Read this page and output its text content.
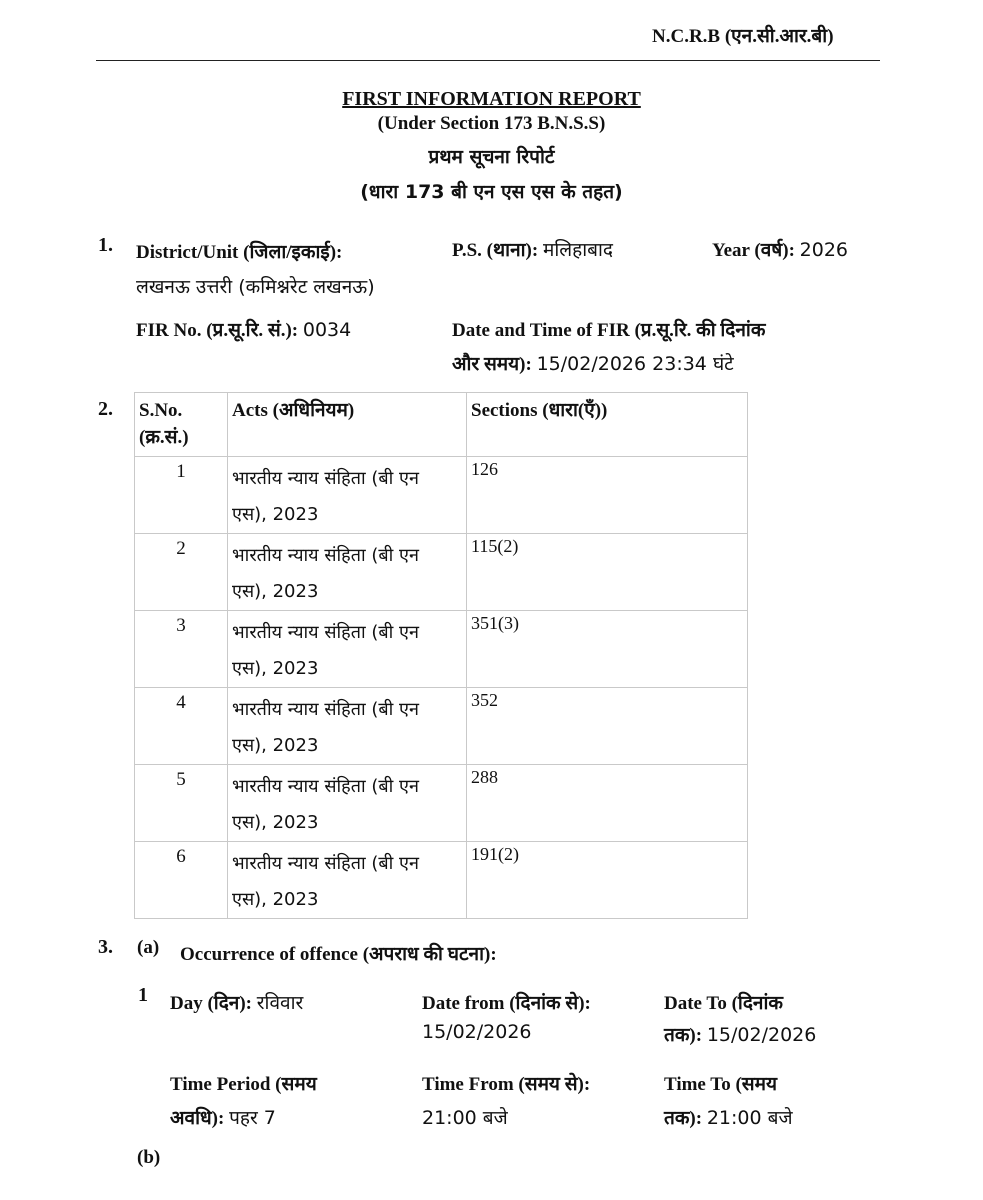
N.C.R.B (एन.सी.आर.बी)
FIRST INFORMATION REPORT
(Under Section 173 B.N.S.S)
प्रथम सूचना रिपोर्ट
(धारा 173 बी एन एस एस के तहत)
1. District/Unit (जिला/इकाई):
लखनऊ उत्तरी (कमिश्नरेट लखनऊ)
P.S. (थाना): मलिहाबाद	Year (वर्ष): 2026
FIR No. (प्र.सू.रि. सं.): 0034	Date and Time of FIR (प्र.सू.रि. की दिनांक
और समय): 15/02/2026 23:34 घंटे
2. S.No. (क्र.सं.)	Acts (अधिनियम)	Sections (धारा(एँ))

1	भारतीय न्याय संहिता (बी एन एस), 2023	126

2	भारतीय न्याय संहिता (बी एन एस), 2023	115(2)

3	भारतीय न्याय संहिता (बी एन एस), 2023	351(3)

4	भारतीय न्याय संहिता (बी एन एस), 2023	352

5	भारतीय न्याय संहिता (बी एन एस), 2023	288

6	भारतीय न्याय संहिता (बी एन एस), 2023	191(2)
3. (a) Occurrence of offence (अपराध की घटना):
1 Day (दिन): रविवार	Date from (दिनांक से):
15/02/2026
Date To (दिनांक
तक): 15/02/2026
Time Period (समय
अवधि): पहर 7
Time From (समय से):
21:00 बजे
Time To (समय
तक): 21:00 बजे
(b)
